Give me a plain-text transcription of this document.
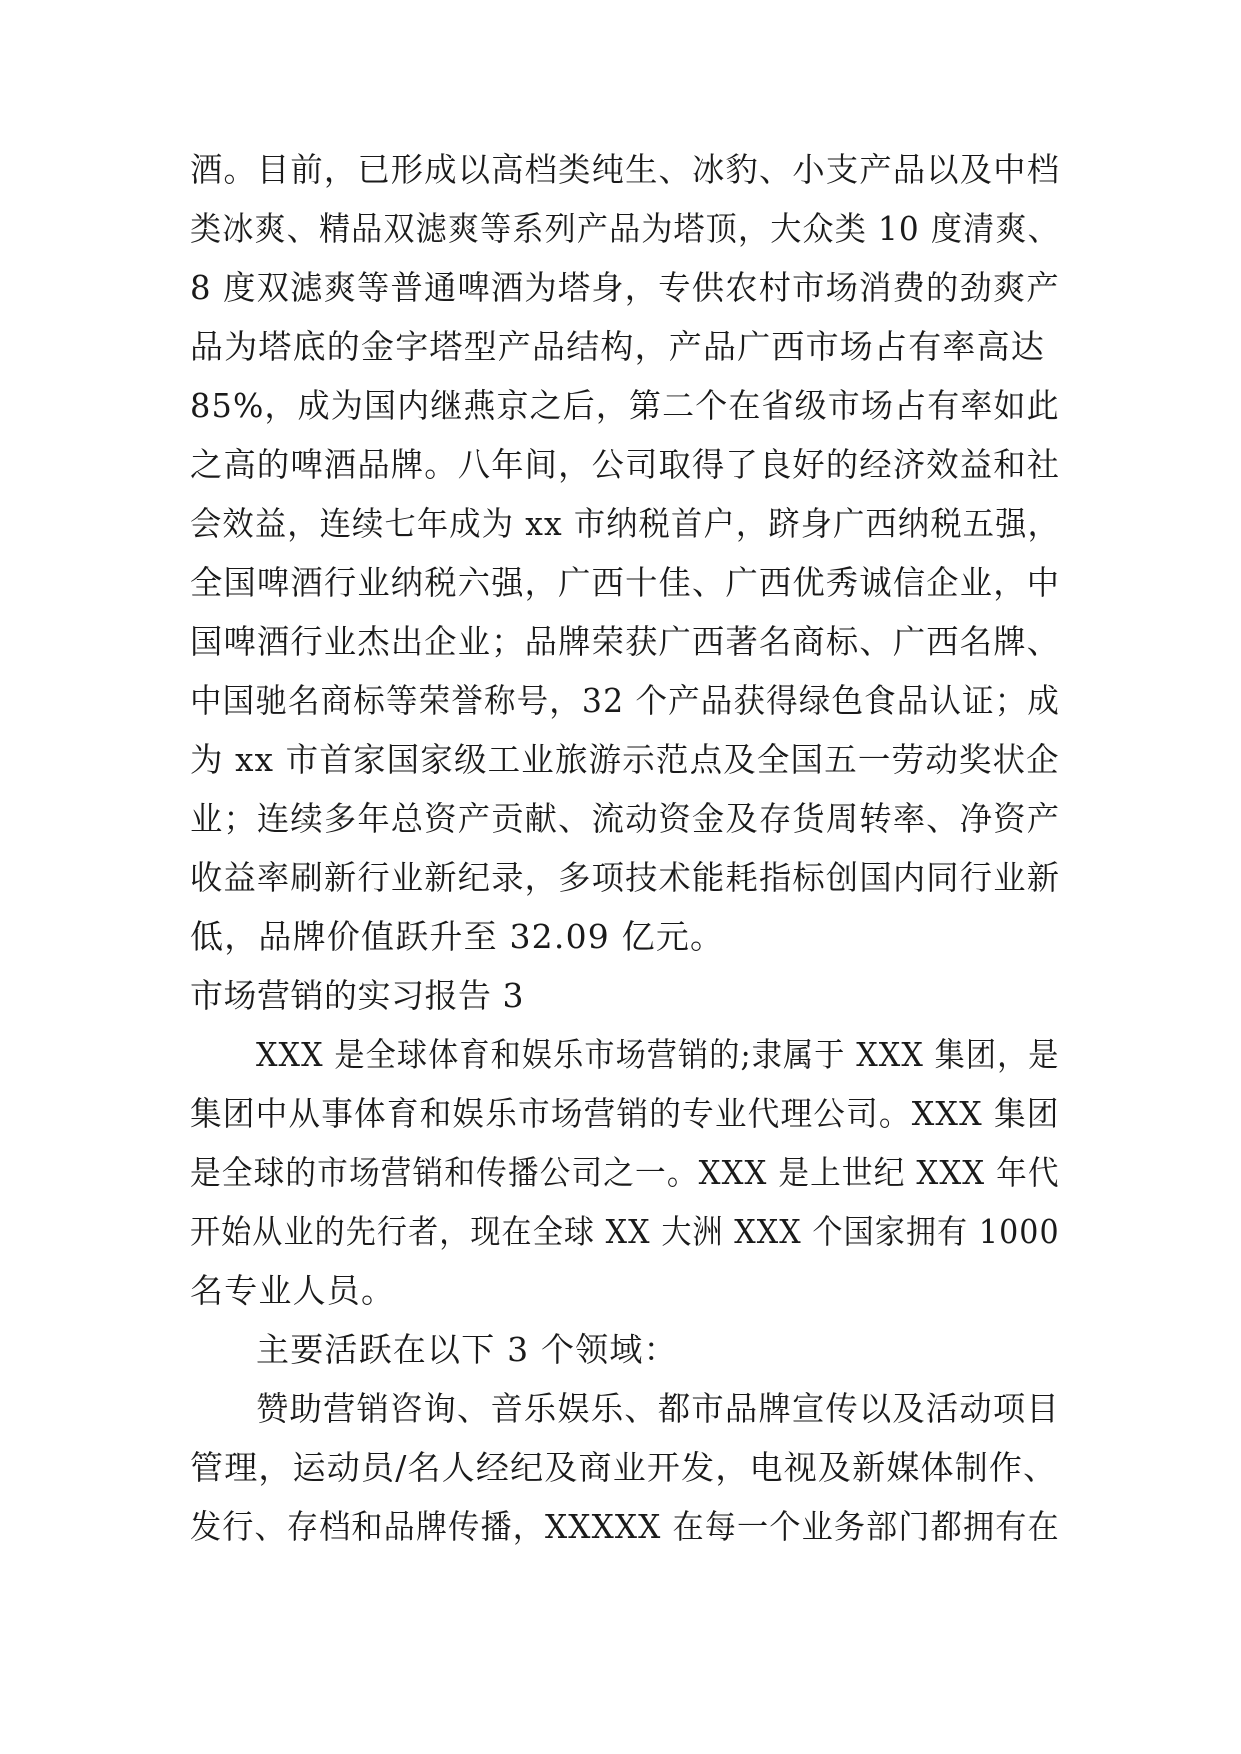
酒。目前，已形成以高档类纯生、冰豹、小支产品以及中档
类冰爽、精品双滤爽等系列产品为塔顶，大众类 10 度清爽、
8 度双滤爽等普通啤酒为塔身，专供农村市场消费的劲爽产
品为塔底的金字塔型产品结构，产品广西市场占有率高达
85%，成为国内继燕京之后，第二个在省级市场占有率如此
之高的啤酒品牌。八年间，公司取得了良好的经济效益和社
会效益，连续七年成为 xx 市纳税首户，跻身广西纳税五强，
全国啤酒行业纳税六强，广西十佳、广西优秀诚信企业，中
国啤酒行业杰出企业；品牌荣获广西著名商标、广西名牌、
中国驰名商标等荣誉称号，32 个产品获得绿色食品认证；成
为 xx 市首家国家级工业旅游示范点及全国五一劳动奖状企
业；连续多年总资产贡献、流动资金及存货周转率、净资产
收益率刷新行业新纪录，多项技术能耗指标创国内同行业新
低，品牌价值跃升至 32.09 亿元。
市场营销的实习报告 3
XXX 是全球体育和娱乐市场营销的;隶属于 XXX 集团，是
集团中从事体育和娱乐市场营销的专业代理公司。XXX 集团
是全球的市场营销和传播公司之一。XXX 是上世纪 XXX 年代
开始从业的先行者，现在全球 XX 大洲 XXX 个国家拥有 1000
名专业人员。
主要活跃在以下 3 个领域：
赞助营销咨询、音乐娱乐、都市品牌宣传以及活动项目
管理，运动员/名人经纪及商业开发，电视及新媒体制作、
发行、存档和品牌传播，XXXXX 在每一个业务部门都拥有在
